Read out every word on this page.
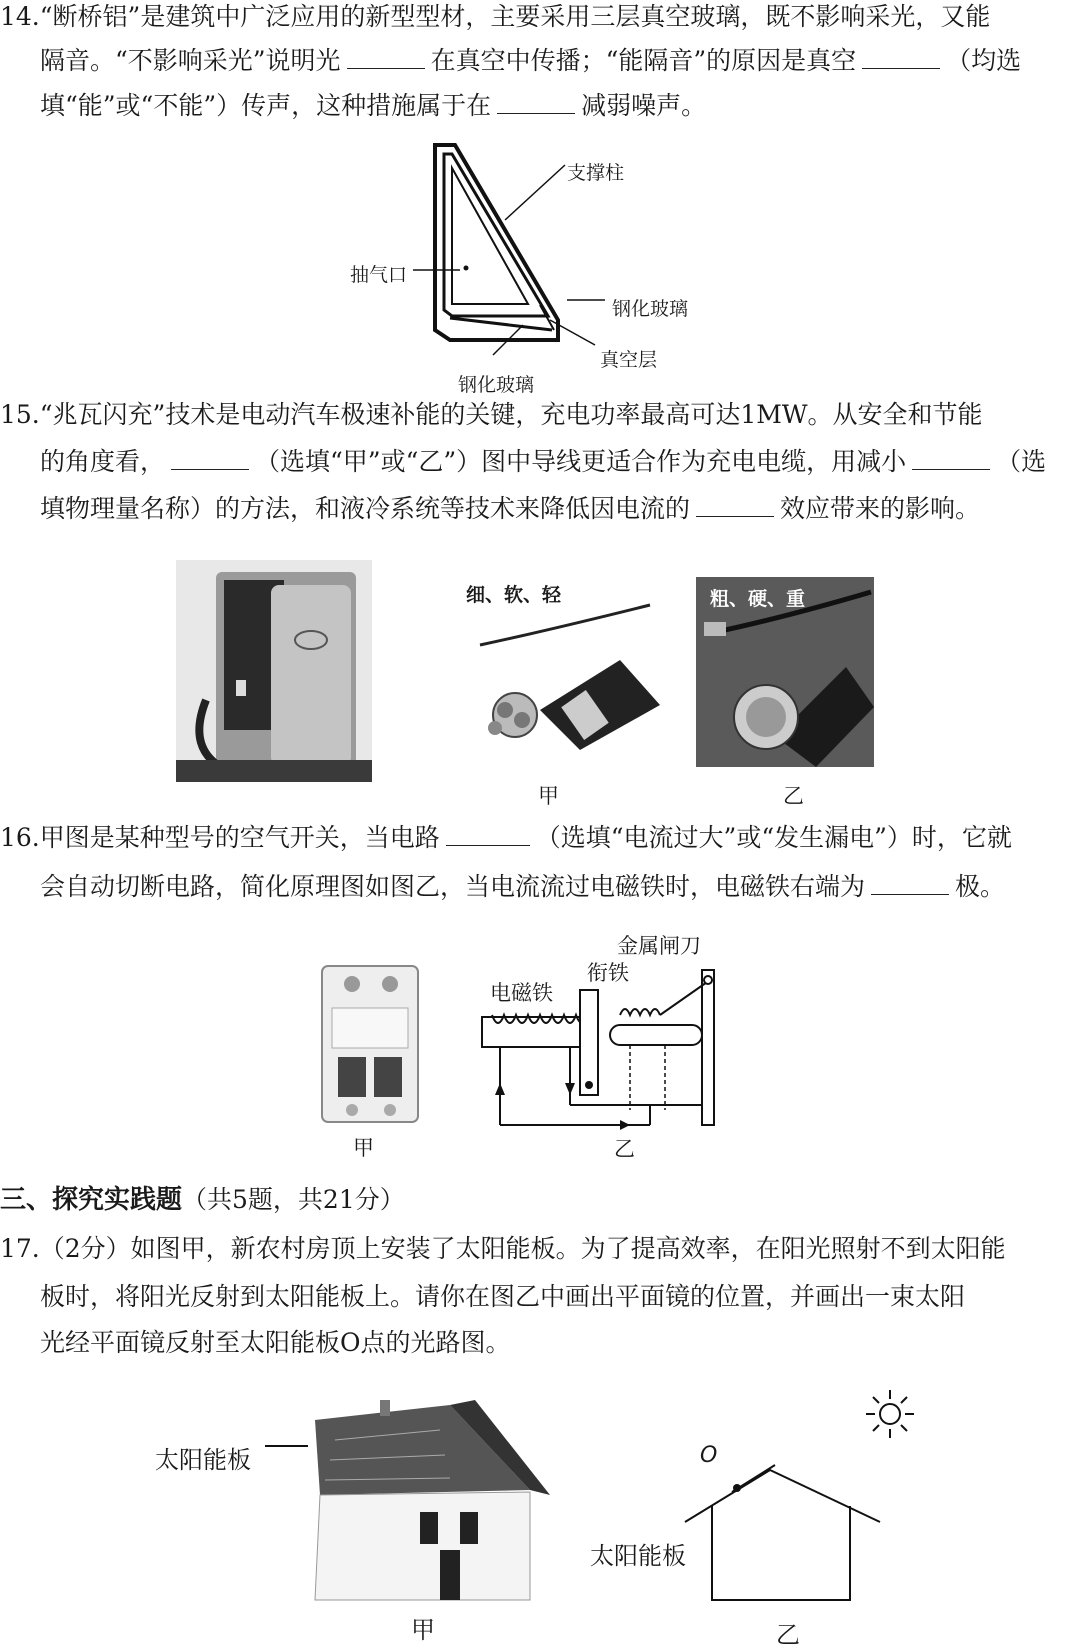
14.“断桥铝”是建筑中广泛应用的新型型材，主要采用三层真空玻璃，既不影响采光，又能
隔音。“不影响采光”说明光	在真空中传播；“能隔音”的原因是真空	（均选
填“能”或“不能”）传声，这种措施属于在	减弱噪声。
支撑柱
抽气口
钢化玻璃
真空层
钢化玻璃
15.“兆瓦闪充”技术是电动汽车极速补能的关键，充电功率最高可达1MW。从安全和节能
的角度看，	（选填“甲”或“乙”）图中导线更适合作为充电电缆，用减小	（选
填物理量名称）的方法，和液冷系统等技术来降低因电流的	效应带来的影响。
细、软、轻
甲
粗、硬、重
乙
16.甲图是某种型号的空气开关，当电路	（选填“电流过大”或“发生漏电”）时，它就
会自动切断电路，简化原理图如图乙，当电流流过电磁铁时，电磁铁右端为	极。
甲
金属闸刀
衔铁
电磁铁
乙
三、探究实践题（共5题，共21分）
17.（2分）如图甲，新农村房顶上安装了太阳能板。为了提高效率，在阳光照射不到太阳能
板时，将阳光反射到太阳能板上。请你在图乙中画出平面镜的位置，并画出一束太阳
光经平面镜反射至太阳能板O点的光路图。
太阳能板
甲
O
太阳能板
乙
